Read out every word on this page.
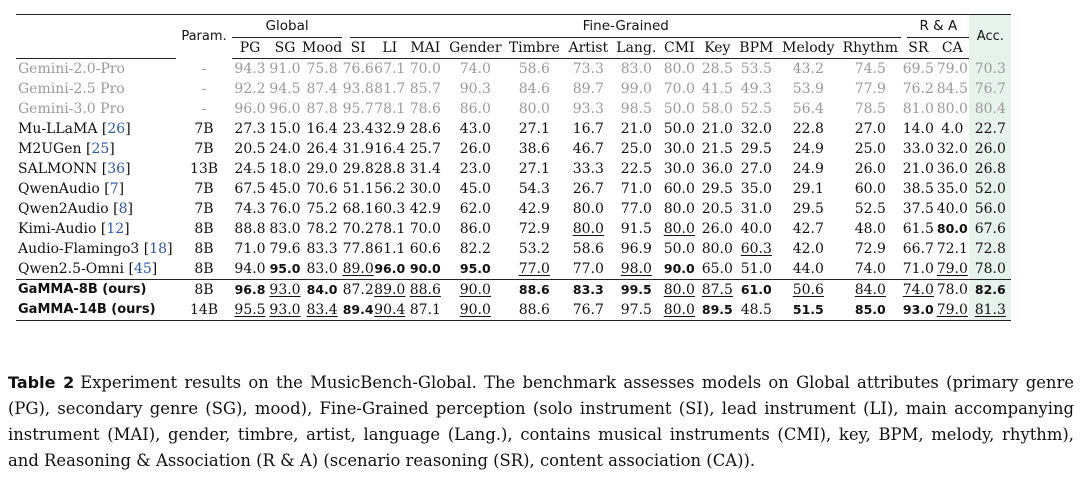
	Param.	Global			Fine-Grained												R & A		Acc.
		PG	SG	Mood	SI	LI	MAI	Gender	Timbre	Artist	Lang.	CMI	Key	BPM	Melody	Rhythm	SR	CA	
Gemini-2.0-Pro	-	94.3	91.0	75.8	76.6	67.1	70.0	74.0	58.6	73.3	83.0	80.0	28.5	53.5	43.2	74.5	69.5	79.0	70.3
Gemini-2.5 Pro	-	92.2	94.5	87.4	93.8	81.7	85.7	90.3	84.6	89.7	99.0	70.0	41.5	49.3	53.9	77.9	76.2	84.5	76.7
Gemini-3.0 Pro	-	96.0	96.0	87.8	95.7	78.1	78.6	86.0	80.0	93.3	98.5	50.0	58.0	52.5	56.4	78.5	81.0	80.0	80.4
Mu-LLaMA [26]	7B	27.3	15.0	16.4	23.4	32.9	28.6	43.0	27.1	16.7	21.0	50.0	21.0	32.0	22.8	27.0	14.0	4.0	22.7
M2UGen [25]	7B	20.5	24.0	26.4	31.9	16.4	25.7	26.0	38.6	46.7	25.0	30.0	21.5	29.5	24.9	25.0	33.0	32.0	26.0
SALMONN [36]	13B	24.5	18.0	29.0	29.8	28.8	31.4	23.0	27.1	33.3	22.5	30.0	36.0	27.0	24.9	26.0	21.0	36.0	26.8
QwenAudio [7]	7B	67.5	45.0	70.6	51.1	56.2	30.0	45.0	54.3	26.7	71.0	60.0	29.5	35.0	29.1	60.0	38.5	35.0	52.0
Qwen2Audio [8]	7B	74.3	76.0	75.2	68.1	60.3	42.9	62.0	42.9	80.0	77.0	80.0	20.5	31.0	29.5	52.5	37.5	40.0	56.0
Kimi-Audio [12]	8B	88.8	83.0	78.2	70.2	78.1	70.0	86.0	72.9	80.0	91.5	80.0	26.0	40.0	42.7	48.0	61.5	80.0	67.6
Audio-Flamingo3 [18]	8B	71.0	79.6	83.3	77.8	61.1	60.6	82.2	53.2	58.6	96.9	50.0	80.0	60.3	42.0	72.9	66.7	72.1	72.8
Qwen2.5-Omni [45]	8B	94.0	95.0	83.0	89.0	96.0	90.0	95.0	77.0	77.0	98.0	90.0	65.0	51.0	44.0	74.0	71.0	79.0	78.0
GaMMA-8B (ours)	8B	96.8	93.0	84.0	87.2	89.0	88.6	90.0	88.6	83.3	99.5	80.0	87.5	61.0	50.6	84.0	74.0	78.0	82.6
GaMMA-14B (ours)	14B	95.5	93.0	83.4	89.4	90.4	87.1	90.0	88.6	76.7	97.5	80.0	89.5	48.5	51.5	85.0	93.0	79.0	81.3
Table 2 Experiment results on the MusicBench-Global. The benchmark assesses models on Global attributes (primary genre (PG), secondary genre (SG), mood), Fine-Grained perception (solo instrument (SI), lead instrument (LI), main accompanying instrument (MAI), gender, timbre, artist, language (Lang.), contains musical instruments (CMI), key, BPM, melody, rhythm), and Reasoning & Association (R & A) (scenario reasoning (SR), content association (CA)).
